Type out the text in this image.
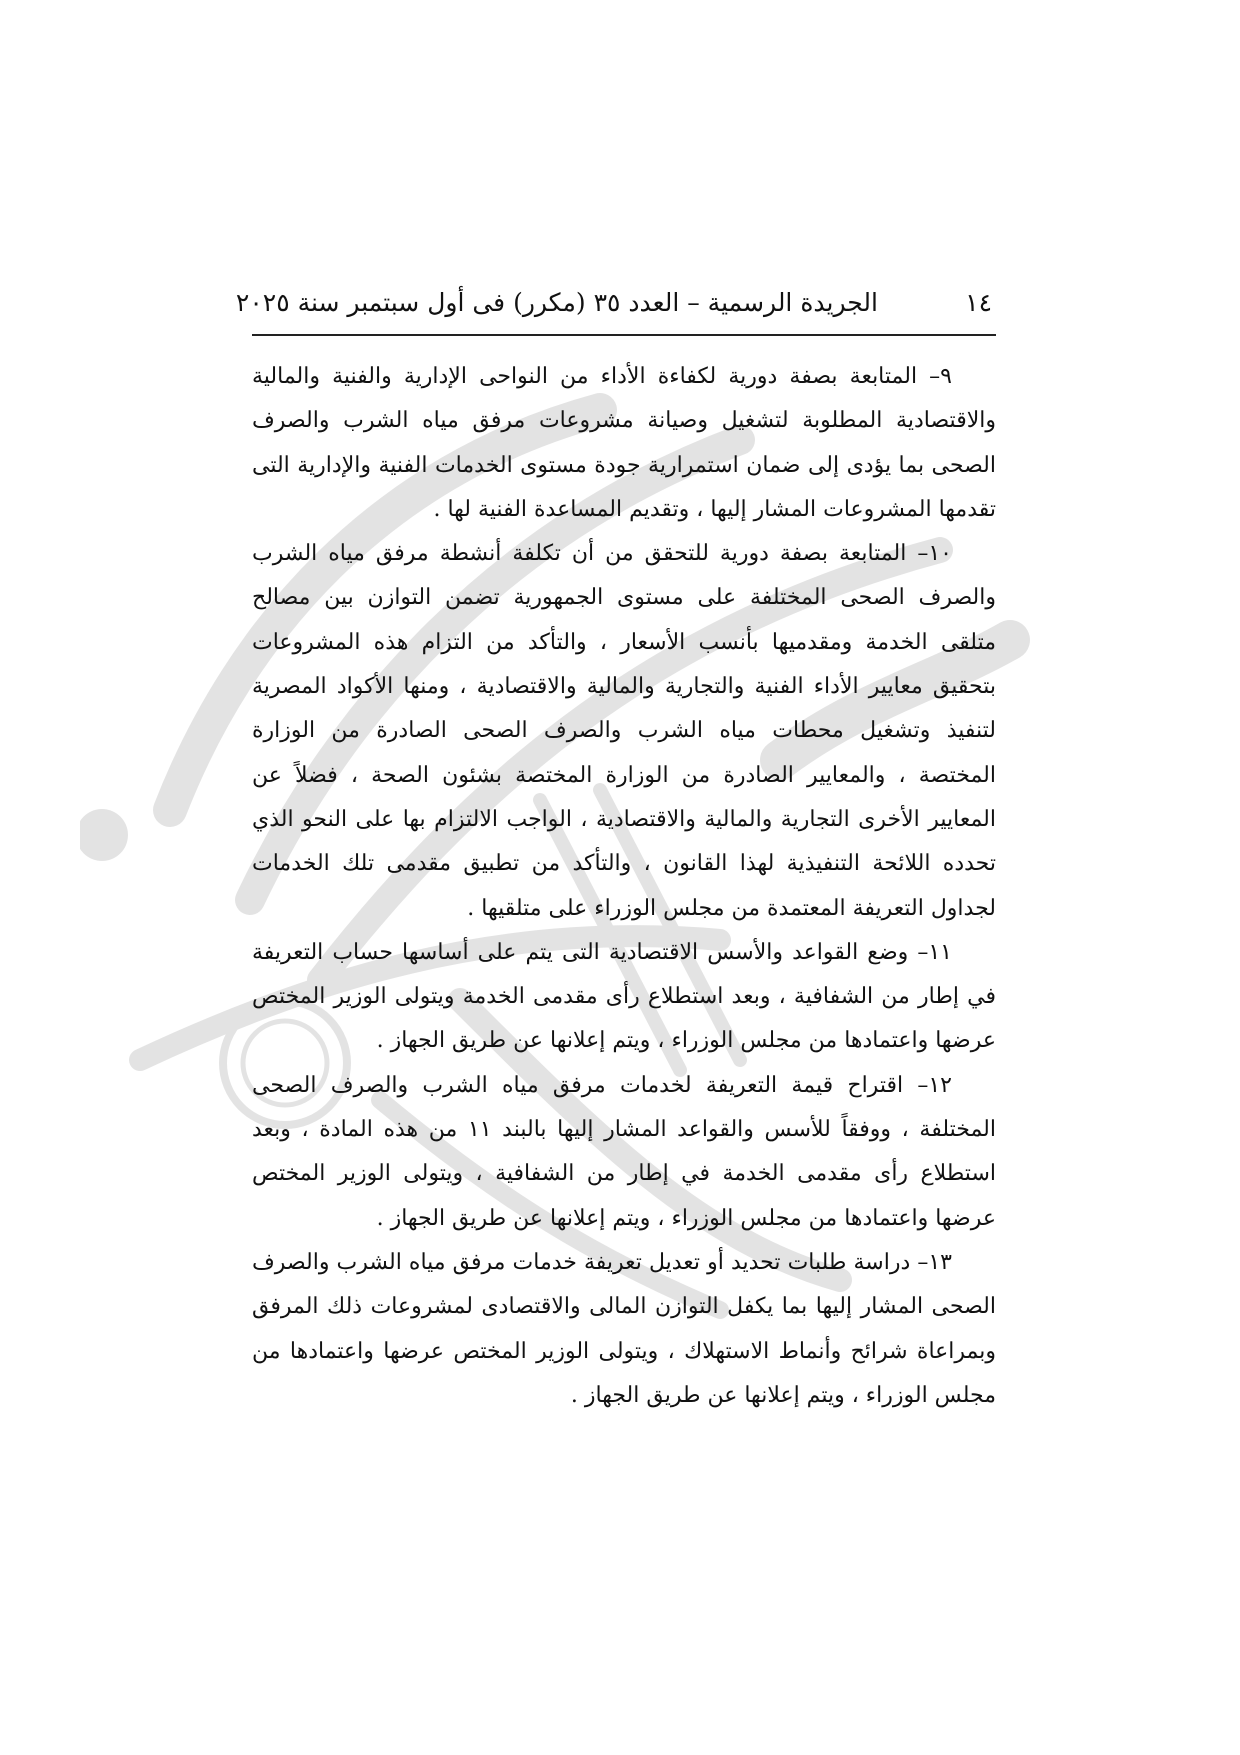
١٤
الجريدة الرسمية – العدد ٣٥ (مكرر) فى أول سبتمبر سنة ٢٠٢٥

٩– المتابعة بصفة دورية لكفاءة الأداء من النواحى الإدارية والفنية والمالية والاقتصادية المطلوبة لتشغيل وصيانة مشروعات مرفق مياه الشرب والصرف الصحى بما يؤدى إلى ضمان استمرارية جودة مستوى الخدمات الفنية والإدارية التى تقدمها المشروعات المشار إليها ، وتقديم المساعدة الفنية لها .

١٠– المتابعة بصفة دورية للتحقق من أن تكلفة أنشطة مرفق مياه الشرب والصرف الصحى المختلفة على مستوى الجمهورية تضمن التوازن بين مصالح متلقى الخدمة ومقدميها بأنسب الأسعار ، والتأكد من التزام هذه المشروعات بتحقيق معايير الأداء الفنية والتجارية والمالية والاقتصادية ، ومنها الأكواد المصرية لتنفيذ وتشغيل محطات مياه الشرب والصرف الصحى الصادرة من الوزارة المختصة ، والمعايير الصادرة من الوزارة المختصة بشئون الصحة ، فضلاً عن المعايير الأخرى التجارية والمالية والاقتصادية ، الواجب الالتزام بها على النحو الذي تحدده اللائحة التنفيذية لهذا القانون ، والتأكد من تطبيق مقدمى تلك الخدمات لجداول التعريفة المعتمدة من مجلس الوزراء على متلقيها .

١١– وضع القواعد والأسس الاقتصادية التى يتم على أساسها حساب التعريفة في إطار من الشفافية ، وبعد استطلاع رأى مقدمى الخدمة ويتولى الوزير المختص عرضها واعتمادها من مجلس الوزراء ، ويتم إعلانها عن طريق الجهاز .

١٢– اقتراح قيمة التعريفة لخدمات مرفق مياه الشرب والصرف الصحى المختلفة ، ووفقاً للأسس والقواعد المشار إليها بالبند ١١ من هذه المادة ، وبعد استطلاع رأى مقدمى الخدمة في إطار من الشفافية ، ويتولى الوزير المختص عرضها واعتمادها من مجلس الوزراء ، ويتم إعلانها عن طريق الجهاز .

١٣– دراسة طلبات تحديد أو تعديل تعريفة خدمات مرفق مياه الشرب والصرف الصحى المشار إليها بما يكفل التوازن المالى والاقتصادى لمشروعات ذلك المرفق وبمراعاة شرائح وأنماط الاستهلاك ، ويتولى الوزير المختص عرضها واعتمادها من مجلس الوزراء ، ويتم إعلانها عن طريق الجهاز .
